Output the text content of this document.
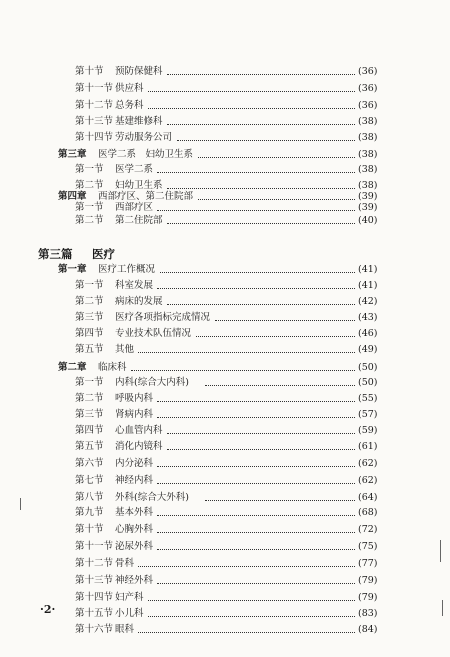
第十节 预防保健科	(36)
第十一节 供应科	(36)
第十二节 总务科	(36)
第十三节 基建维修科	(38)
第十四节 劳动服务公司	(38)
第三章 医学二系　妇幼卫生系	(38)
第一节 医学二系	(38)
第二节 妇幼卫生系	(38)
第四章 西部疗区、第二住院部	(39)
第一节 西部疗区	(39)
第二节 第二住院部	(40)
第三篇 医疗
第一章 医疗工作概况	(41)
第一节 科室发展	(41)
第二节 病床的发展	(42)
第三节 医疗各项指标完成情况	(43)
第四节 专业技术队伍情况	(46)
第五节 其他	(49)
第二章 临床科	(50)
第一节 内科(综合大内科)	(50)
第二节 呼吸内科	(55)
第三节 肾病内科	(57)
第四节 心血管内科	(59)
第五节 消化内镜科	(61)
第六节 内分泌科	(62)
第七节 神经内科	(62)
第八节 外科(综合大外科)	(64)
第九节 基本外科	(68)
第十节 心胸外科	(72)
第十一节 泌尿外科	(75)
第十二节 骨科	(77)
第十三节 神经外科	(79)
第十四节 妇产科	(79)
第十五节 小儿科	(83)
第十六节 眼科	(84)
·2·
